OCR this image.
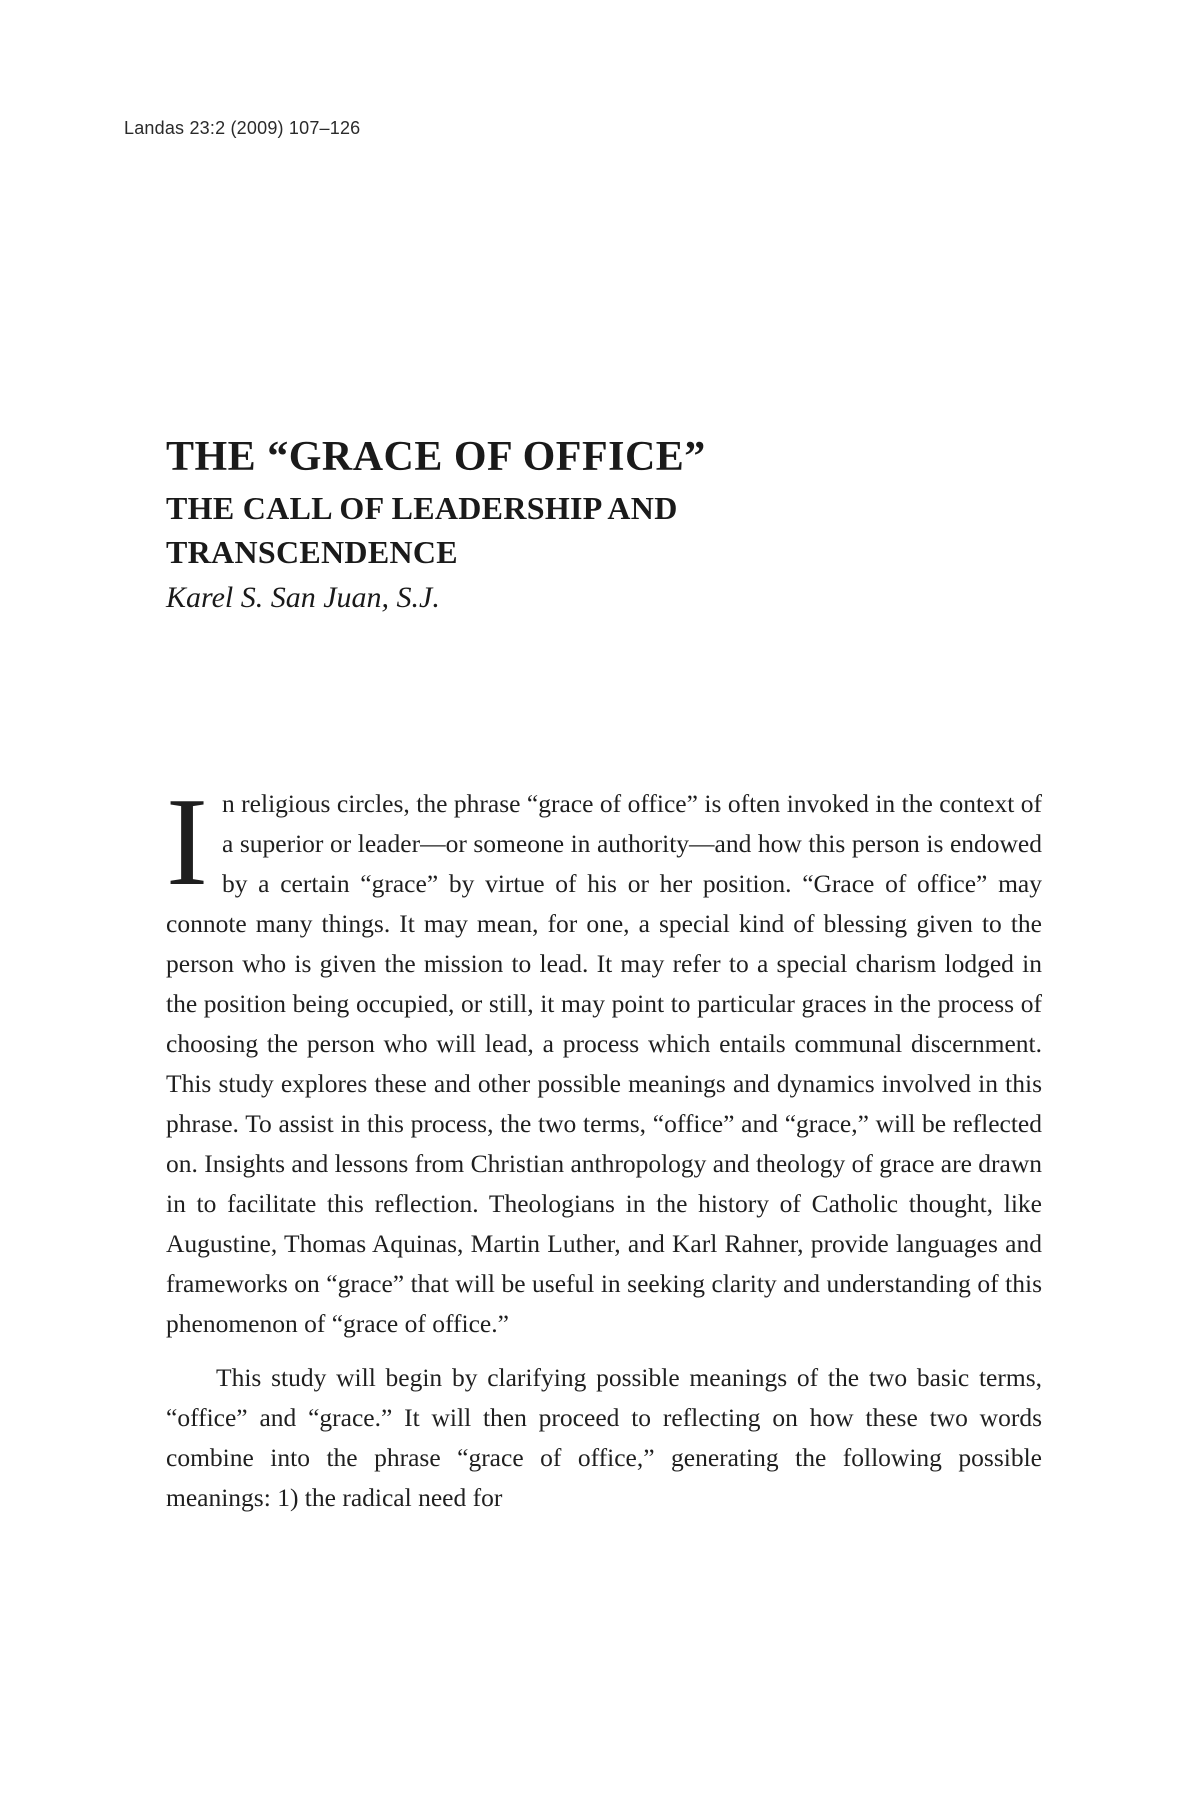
Landas 23:2 (2009) 107–126
THE “GRACE OF OFFICE”
THE CALL OF LEADERSHIP AND TRANSCENDENCE
Karel S. San Juan, S.J.

In religious circles, the phrase “grace of office” is often invoked in the context of a superior or leader—or someone in authority—and how this person is endowed by a certain “grace” by virtue of his or her position. “Grace of office” may connote many things. It may mean, for one, a special kind of blessing given to the person who is given the mission to lead. It may refer to a special charism lodged in the position being occupied, or still, it may point to particular graces in the process of choosing the person who will lead, a process which entails communal discernment. This study explores these and other possible meanings and dynamics involved in this phrase. To assist in this process, the two terms, “office” and “grace,” will be reflected on. Insights and lessons from Christian anthropology and theology of grace are drawn in to facilitate this reflection. Theologians in the history of Catholic thought, like Augustine, Thomas Aquinas, Martin Luther, and Karl Rahner, provide languages and frameworks on “grace” that will be useful in seeking clarity and understanding of this phenomenon of “grace of office.”

This study will begin by clarifying possible meanings of the two basic terms, “office” and “grace.” It will then proceed to reflecting on how these two words combine into the phrase “grace of office,” generating the following possible meanings: 1) the radical need for
